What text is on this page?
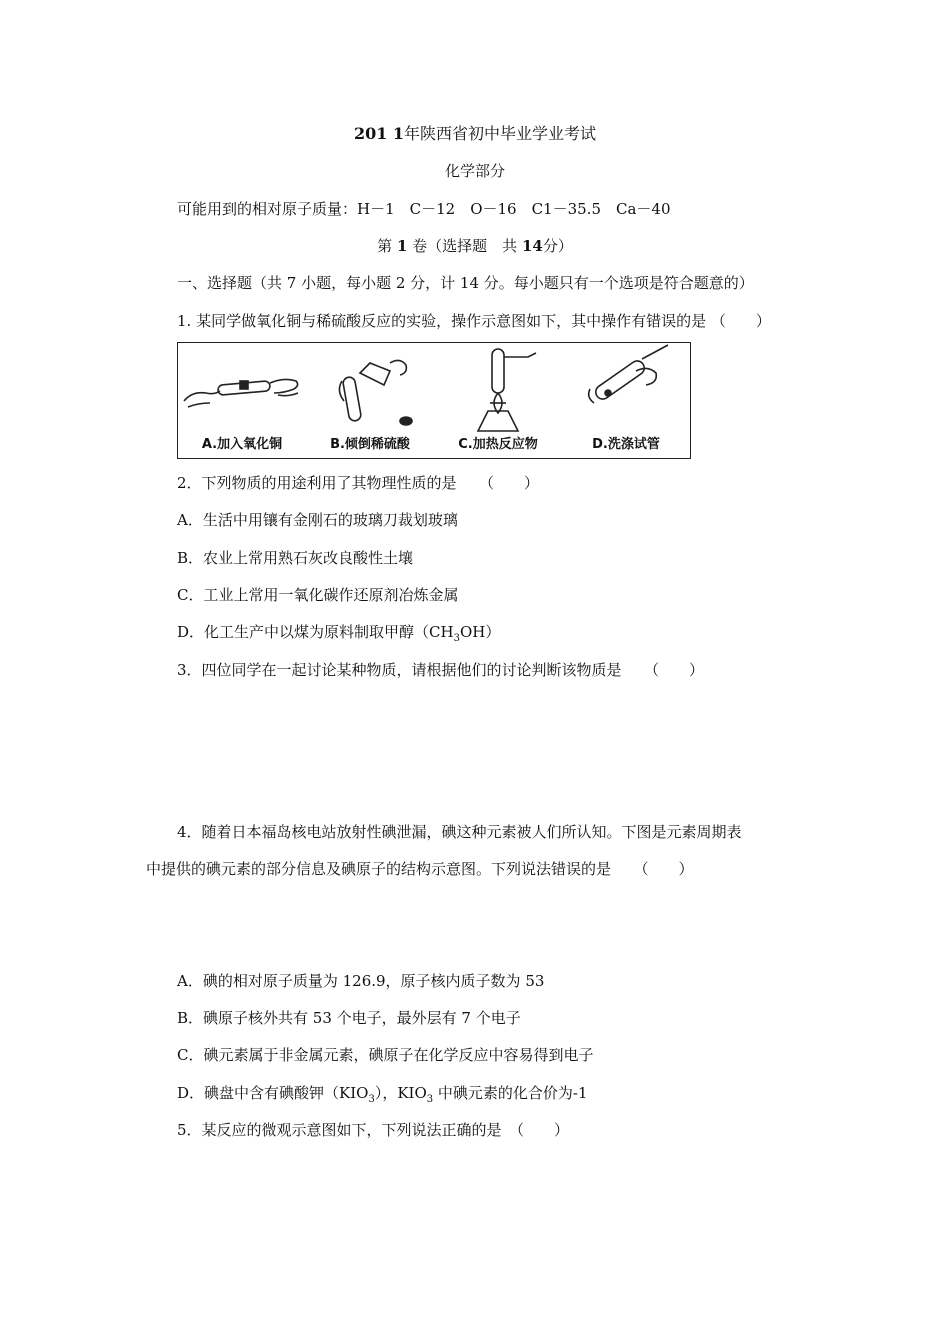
201 1年陕西省初中毕业学业考试
化学部分
可能用到的相对原子质量：H－1　C－12　O－16　C1－35.5　Ca－40
第 1 卷（选择题　共 14分）
一、选择题（共 7 小题，每小题 2 分，计 14 分。每小题只有一个选项是符合题意的）
1. 某同学做氧化铜与稀硫酸反应的实验，操作示意图如下，其中操作有错误的是 （　　）
A.加入氧化铜	B.倾倒稀硫酸	C.加热反应物	D.洗涤试管
2．下列物质的用途利用了其物理性质的是　　（　　）
A．生活中用镶有金刚石的玻璃刀裁划玻璃
B．农业上常用熟石灰改良酸性土壤
C．工业上常用一氧化碳作还原剂冶炼金属
D．化工生产中以煤为原料制取甲醇$(CH_3OH)$
3．四位同学在一起讨论某种物质，请根据他们的讨论判断该物质是　　（　　）
4．随着日本福岛核电站放射性碘泄漏，碘这种元素被人们所认知。下图是元素周期表
中提供的碘元素的部分信息及碘原子的结构示意图。下列说法错误的是　　（　　）
A．碘的相对原子质量为 126.9，原子核内质子数为 53
B．碘原子核外共有 53 个电子，最外层有 7 个电子
C．碘元素属于非金属元素，碘原子在化学反应中容易得到电子
D．碘盘中含有碘酸钾$(KIO_3)$，$KIO_3$ 中碘元素的化合价为-1
5．某反应的微观示意图如下，下列说法正确的是　（　　）
